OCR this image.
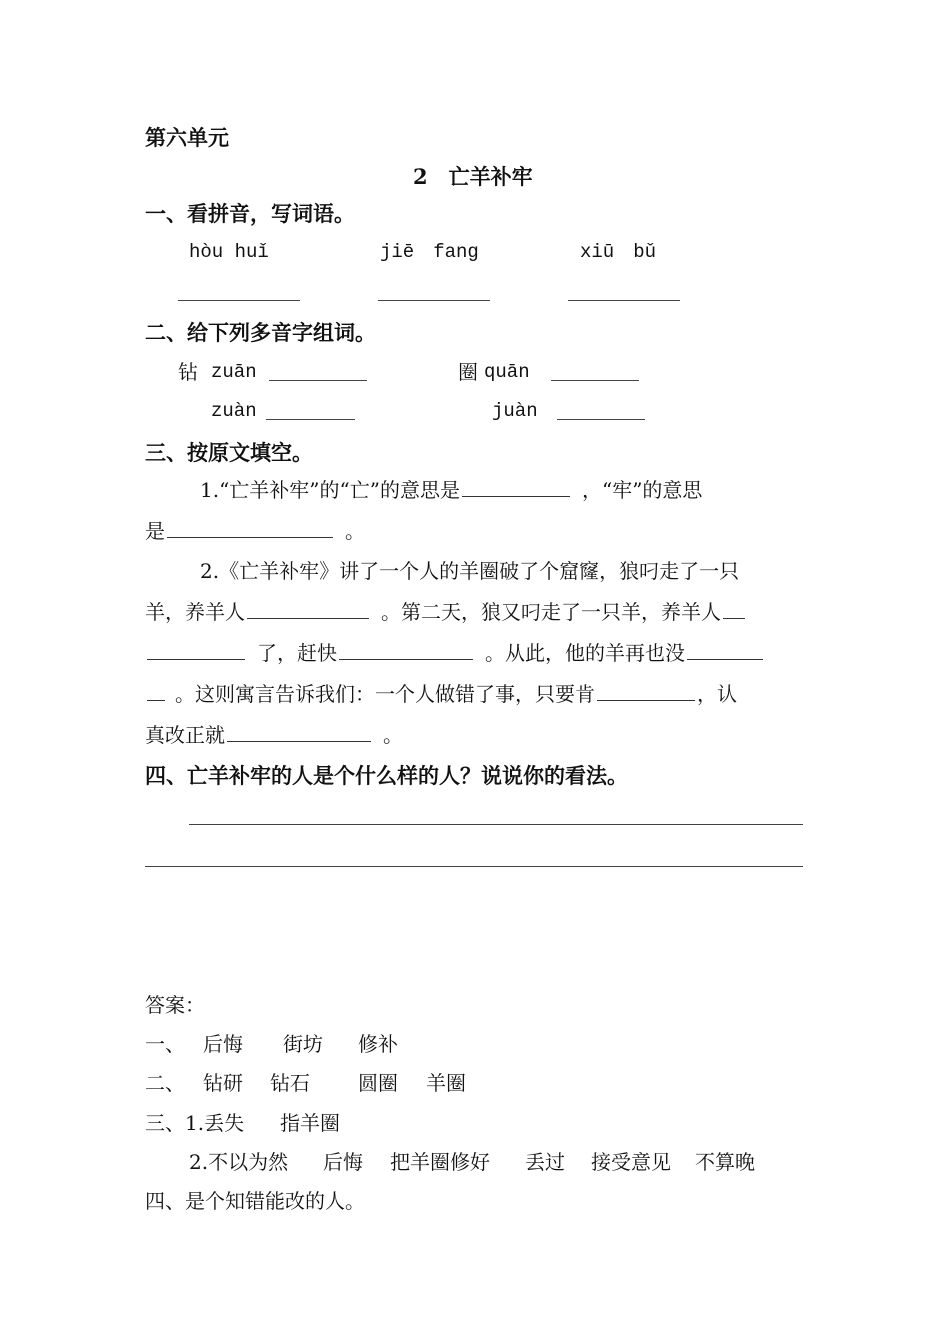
第六单元
2　亡羊补牢
一、看拼音，写词语。
hòu huǐ	jiē　fang	xiū　bǔ
二、给下列多音字组词。
钻 zuān	圈 quān
zuàn	juàn
三、按原文填空。
1.“亡羊补牢”的“亡”的意思是	，“牢”的意思
是	。
2.《亡羊补牢》讲了一个人的羊圈破了个窟窿，狼叼走了一只
羊，养羊人	。第二天，狼又叼走了一只羊，养羊人
了，赶快	。从此，他的羊再也没
。这则寓言告诉我们：一个人做错了事，只要肯	，认
真改正就	。
四、亡羊补牢的人是个什么样的人？说说你的看法。
答案：
一、 后悔 街坊 修补
二、 钻研 钻石 圆圈 羊圈
三、1.丢失 指羊圈
2.不以为然 后悔 把羊圈修好 丢过 接受意见 不算晚
四、是个知错能改的人。
